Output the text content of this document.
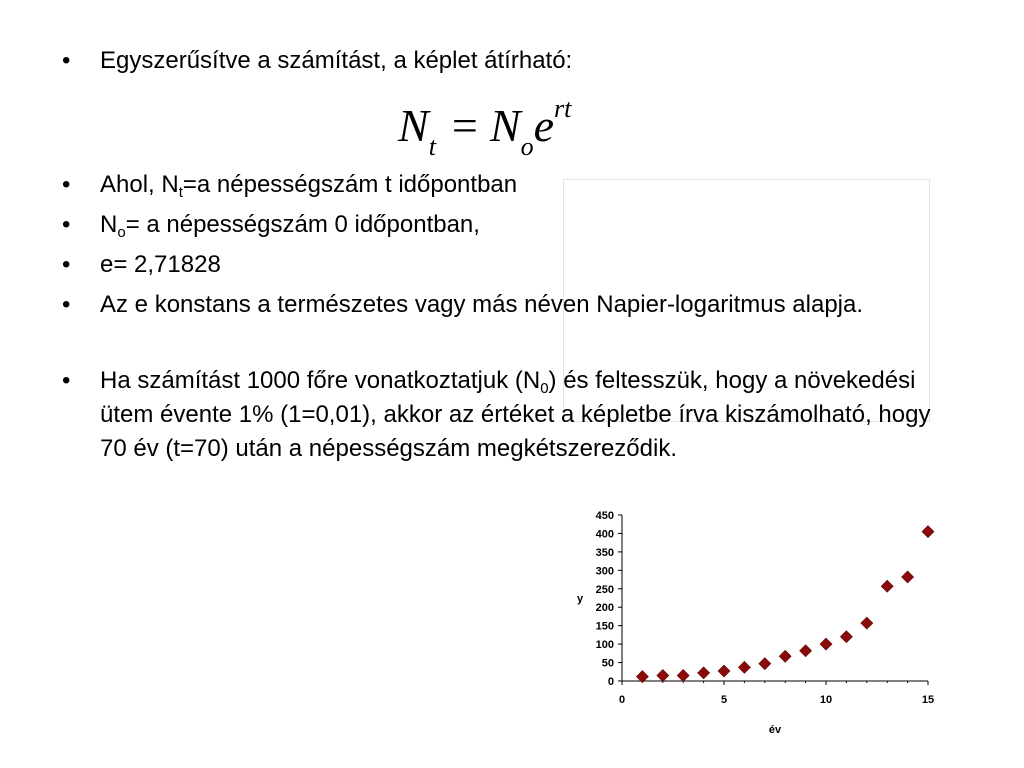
• Egyszerűsítve a számítást, a képlet átírható:
$N_t = N_oe^{rt}$
• Ahol, $N_t=a$ népességszám t időpontban
• $N_o= a$ népességszám 0 időpontban,
• e= 2,71828
• Az e konstans a természetes vagy más néven Napier-logaritmus alapja.
• Ha számítást 1000 főre vonatkoztatjuk $(N_0)$ és feltesszük, hogy a növekedési ütem évente 1% (1=0,01), akkor az értéket a képletbe írva kiszámolható, hogy 70 év (t=70) után a népességszám megkétszereződik.
0
50
100
150
200
250
300
350
400
450
0	5	10	15
y
év
